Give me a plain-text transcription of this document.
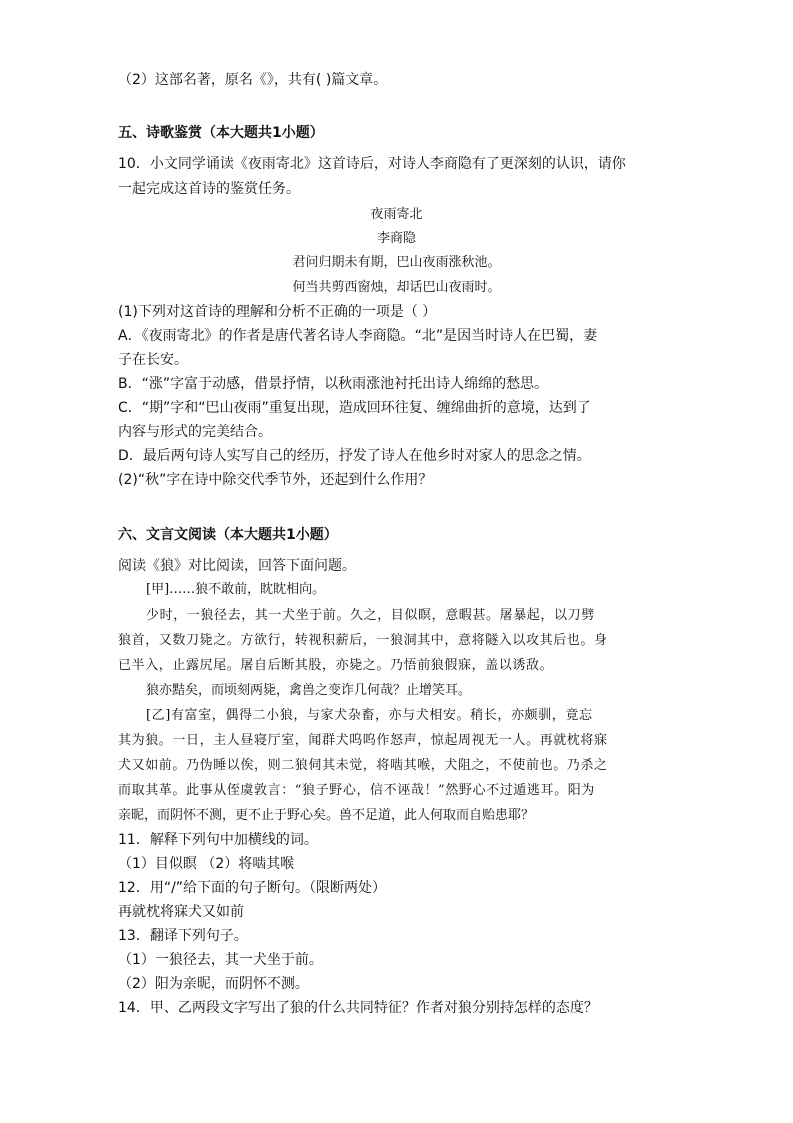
（2）这部名著，原名《》，共有( )篇文章。
五、诗歌鉴赏（本大题共1小题）
10．小文同学诵读《夜雨寄北》这首诗后，对诗人李商隐有了更深刻的认识，请你
一起完成这首诗的鉴赏任务。
夜雨寄北
李商隐
君问归期未有期，巴山夜雨涨秋池。
何当共剪西窗烛，却话巴山夜雨时。
(1)下列对这首诗的理解和分析不正确的一项是（ ）
A．《夜雨寄北》的作者是唐代著名诗人李商隐。“北”是因当时诗人在巴蜀，妻
子在长安。
B．“涨”字富于动感，借景抒情，以秋雨涨池衬托出诗人绵绵的愁思。
C．“期”字和“巴山夜雨”重复出现，造成回环往复、缠绵曲折的意境，达到了
内容与形式的完美结合。
D．最后两句诗人实写自己的经历，抒发了诗人在他乡时对家人的思念之情。
(2)“秋”字在诗中除交代季节外，还起到什么作用？
六、文言文阅读（本大题共1小题）
阅读《狼》对比阅读，回答下面问题。
[甲]……狼不敢前，眈眈相向。
少时，一狼径去，其一犬坐于前。久之，目似瞑，意暇甚。屠暴起，以刀劈
狼首，又数刀毙之。方欲行，转视积薪后，一狼洞其中，意将隧入以攻其后也。身
已半入，止露尻尾。屠自后断其股，亦毙之。乃悟前狼假寐，盖以诱敌。
狼亦黠矣，而顷刻两毙，禽兽之变诈几何哉？止增笑耳。
[乙]有富室，偶得二小狼，与家犬杂畜，亦与犬相安。稍长，亦颇驯，竟忘
其为狼。一日，主人昼寝厅室，闻群犬呜呜作怒声，惊起周视无一人。再就枕将寐
犬又如前。乃伪睡以俟，则二狼伺其未觉，将啮其喉，犬阻之，不使前也。乃杀之
而取其革。此事从侄虞敦言：“狼子野心，信不诬哉！”然野心不过遁逃耳。阳为
亲昵，而阴怀不测，更不止于野心矣。兽不足道，此人何取而自贻患耶？
11．解释下列句中加横线的词。
（1）目似瞑 （2）将啮其喉
12．用“/”给下面的句子断句。（限断两处）
再就枕将寐犬又如前
13．翻译下列句子。
（1）一狼径去，其一犬坐于前。
（2）阳为亲昵，而阴怀不测。
14．甲、乙两段文字写出了狼的什么共同特征？作者对狼分别持怎样的态度？
